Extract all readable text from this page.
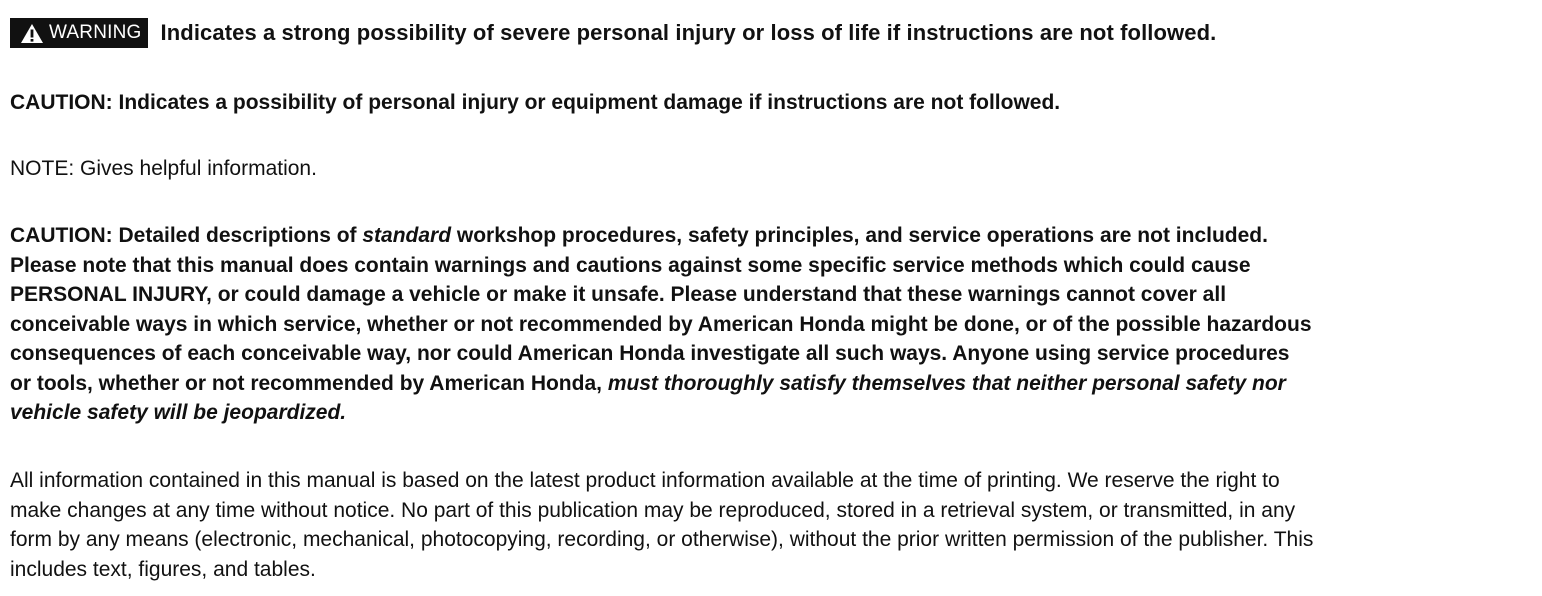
WARNING Indicates a strong possibility of severe personal injury or loss of life if instructions are not followed.

CAUTION: Indicates a possibility of personal injury or equipment damage if instructions are not followed.

NOTE: Gives helpful information.

CAUTION: Detailed descriptions of standard workshop procedures, safety principles, and service operations are not included.
Please note that this manual does contain warnings and cautions against some specific service methods which could cause
PERSONAL INJURY, or could damage a vehicle or make it unsafe. Please understand that these warnings cannot cover all
conceivable ways in which service, whether or not recommended by American Honda might be done, or of the possible hazardous
consequences of each conceivable way, nor could American Honda investigate all such ways. Anyone using service procedures
or tools, whether or not recommended by American Honda, must thoroughly satisfy themselves that neither personal safety nor
vehicle safety will be jeopardized.

All information contained in this manual is based on the latest product information available at the time of printing. We reserve the right to
make changes at any time without notice. No part of this publication may be reproduced, stored in a retrieval system, or transmitted, in any
form by any means (electronic, mechanical, photocopying, recording, or otherwise), without the prior written permission of the publisher. This
includes text, figures, and tables.
